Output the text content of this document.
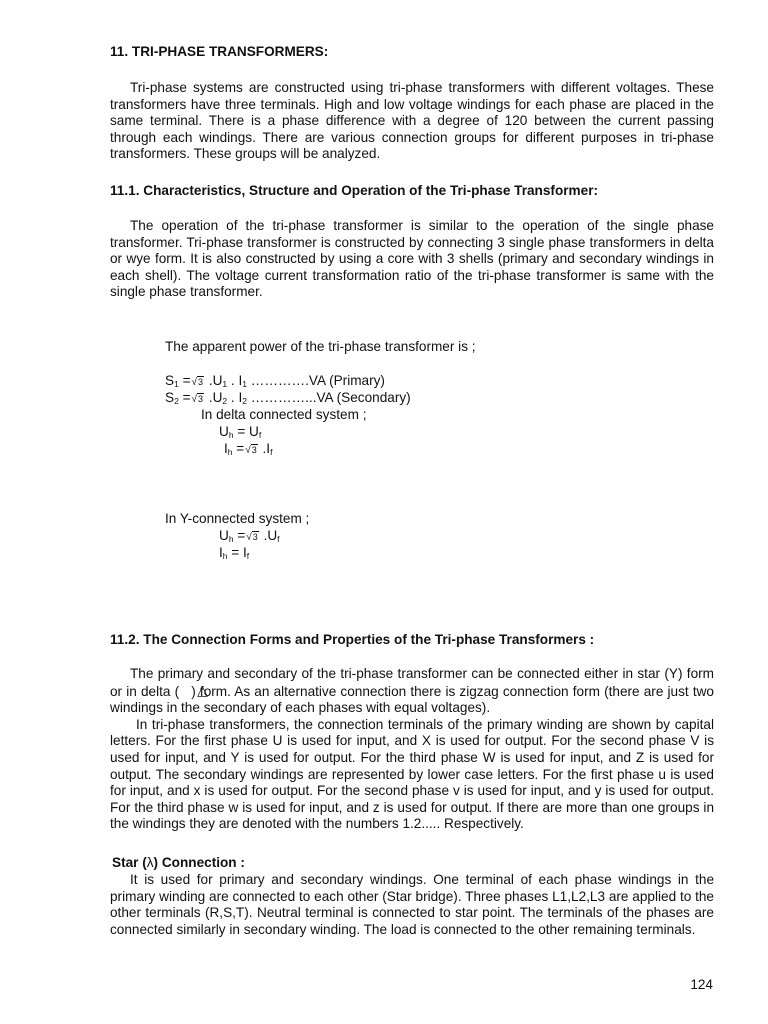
11. TRI-PHASE TRANSFORMERS:

Tri-phase systems are constructed using tri-phase transformers with different voltages. These transformers have three terminals. High and low voltage windings for each phase are placed in the same terminal. There is a phase difference with a degree of 120 between the current passing through each windings. There are various connection groups for different purposes in tri-phase transformers. These groups will be analyzed.

11.1. Characteristics, Structure and Operation of the Tri-phase Transformer:

The operation of the tri-phase transformer is similar to the operation of the single phase transformer. Tri-phase transformer is constructed by connecting 3 single phase transformers in delta or wye form. It is also constructed by using a core with 3 shells (primary and secondary windings in each shell). The voltage current transformation ratio of the tri-phase transformer is same with the single phase transformer.

The apparent power of the tri-phase transformer is ;
$S_1 =√3$ $.U_1$ . $I_1$ ………….VA (Primary)
$S_2 =√3$ $.U_2$ . $I_2$ …………...VA (Secondary)
In delta connected system ;
$U_h = U_f$
$I_h =√3$ $.I_f$
In Y-connected system ;
$U_h =√3$ $.U_f$
$I_h = I_f$
11.2. The Connection Forms and Properties of the Tri-phase Transformers :

The primary and secondary of the tri-phase transformer can be connected either in star (Y) form or in delta ( ) form. As an alternative connection there is zigzag connection form (there are just two windings in the secondary of each phases with equal voltages).

In tri-phase transformers, the connection terminals of the primary winding are shown by capital letters. For the first phase U is used for input, and X is used for output. For the second phase V is used for input, and Y is used for output. For the third phase W is used for input, and Z is used for output. The secondary windings are represented by lower case letters. For the first phase u is used for input, and x is used for output. For the second phase v is used for input, and y is used for output. For the third phase w is used for input, and z is used for output. If there are more than one groups in the windings they are denoted with the numbers 1.2..... Respectively.

Star (λ) Connection :

It is used for primary and secondary windings. One terminal of each phase windings in the primary winding are connected to each other (Star bridge). Three phases L1,L2,L3 are applied to the other terminals (R,S,T). Neutral terminal is connected to star point. The terminals of the phases are connected similarly in secondary winding. The load is connected to the other remaining terminals.

124
